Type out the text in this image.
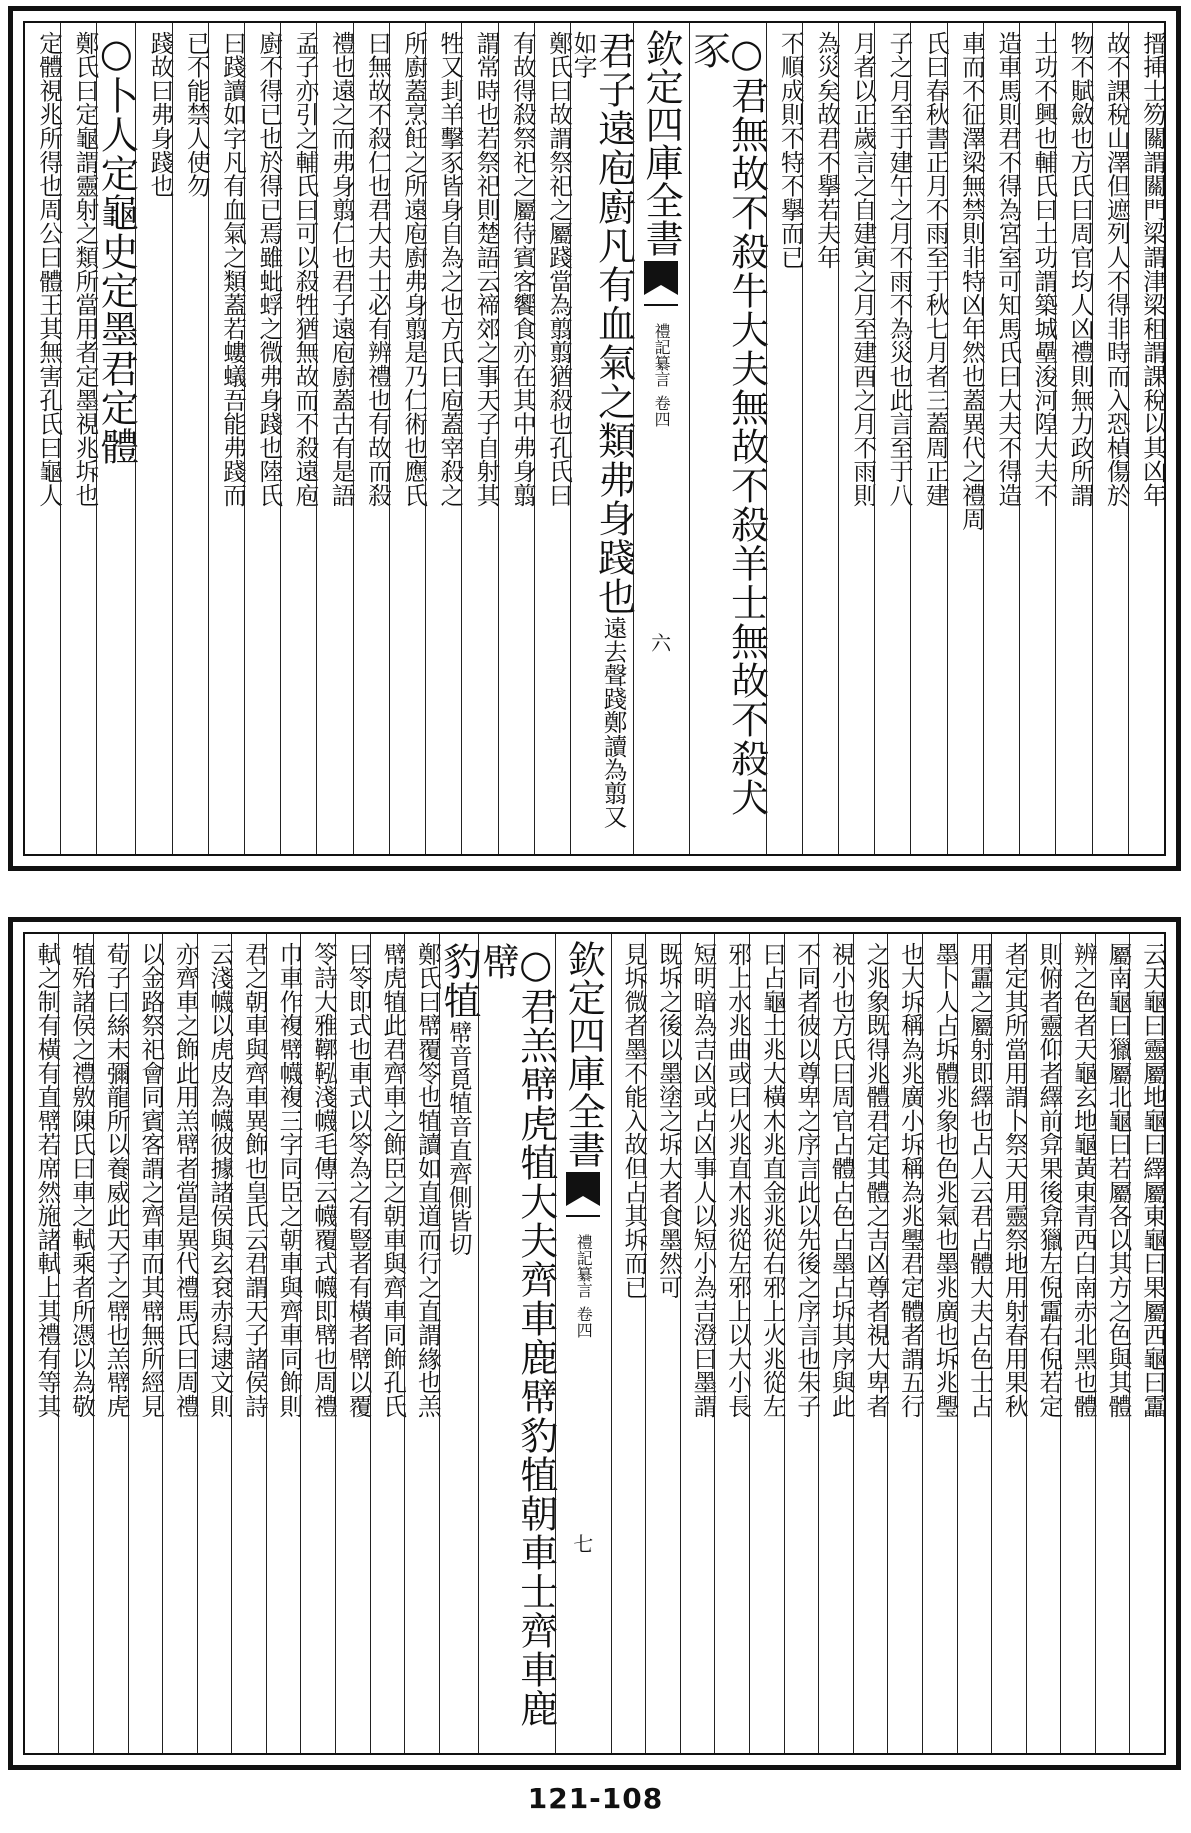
搢挿士笏關謂關門梁謂津梁租謂課稅以其凶年
故不課稅山澤但遮列人不得非時而入恐楨傷於
物不賦斂也方氏曰周官均人凶禮則無力政所謂
土功不興也輔氏曰土功謂築城壘浚河隍大夫不
造車馬則君不得為宮室可知馬氏曰大夫不得造
車而不征澤梁無禁則非特凶年然也蓋異代之禮周
氏曰春秋書正月不雨至于秋七月者三蓋周正建
子之月至于建午之月不雨不為災也此言至于八
月者以正歲言之自建寅之月至建酉之月不雨則
為災矣故君不擧若夫年
不順成則不特不擧而已
○君無故不殺牛大夫無故不殺羊士無故不殺犬豕
欽定四庫全書
禮記纂言
卷四
六
君子遠庖廚凡有血氣之類弗身踐也遠去聲踐鄭讀為翦又如字
鄭氏曰故謂祭祀之屬踐當為翦翦猶殺也孔氏曰
有故得殺祭祀之屬待賓客饗食亦在其中弗身翦
謂常時也若祭祀則楚語云禘郊之事天子自射其
牲又刲羊擊豕皆身自為之也方氏曰庖蓋宰殺之
所廚蓋烹飪之所遠庖廚弗身翦是乃仁術也應氏
曰無故不殺仁也君大夫士必有辨禮也有故而殺
禮也遠之而弗身翦仁也君子遠庖廚蓋古有是語
孟子亦引之輔氏曰可以殺牲猶無故而不殺遠庖
廚不得已也於得已焉雖蚍蜉之微弗身踐也陸氏
曰踐讀如字凡有血氣之類蓋若螻蟻吾能弗踐而
已不能禁人使勿
踐故曰弗身踐也
○卜人定龜史定墨君定體
鄭氏曰定龜謂靈射之類所當用者定墨視兆坼也
定體視兆所得也周公曰體王其無害孔氏曰龜人
云天龜曰靈屬地龜曰繹屬東龜曰果屬西龜曰靁
屬南龜曰獵屬北龜曰若屬各以其方之色與其體
辨之色者天龜玄地龜黃東青西白南赤北黑也體
則俯者靈仰者繹前弇果後弇獵左倪靁右倪若定
者定其所當用謂卜祭天用靈祭地用射春用果秋
用靁之屬射即繹也占人云君占體大夫占色士占
墨卜人占坼體兆象也色兆氣也墨兆廣也坼兆璺
也大坼稱為兆廣小坼稱為兆璺君定體者謂五行
之兆象既得兆體君定其體之吉凶尊者視大卑者
視小也方氏曰周官占體占色占墨占坼其序與此
不同者彼以尊卑之序言此以先後之序言也朱子
曰占龜土兆大橫木兆直金兆從右邪上火兆從左
邪上水兆曲或曰火兆直木兆從左邪上以大小長
短明暗為吉凶或占凶事人以短小為吉澄曰墨謂
既坼之後以墨塗之坼大者食墨然可
見坼微者墨不能入故但占其坼而已
欽定四庫全書
禮記纂言
卷四
七
○君羔幦虎犆大夫齊車鹿幦豹犆朝車士齊車鹿幦
豹犆幦音覓犆音直齊側皆切
鄭氏曰幦覆笭也犆讀如直道而行之直謂緣也羔
幦虎犆此君齊車之飾臣之朝車與齊車同飾孔氏
曰笭即式也車式以笭為之有豎者有橫者幦以覆
笭詩大雅鞹鞃淺幭毛傳云幭覆式幭即幦也周禮
巾車作複幦幭複三字同臣之朝車與齊車同飾則
君之朝車與齊車異飾也皇氏云君謂天子諸侯詩
云淺幭以虎皮為幭彼據諸侯與玄袞赤舄逮文則
亦齊車之飾此用羔幦者當是異代禮馬氏曰周禮
以金路祭祀會同賓客謂之齊車而其幦無所經見
荀子曰絲末彌龍所以養威此天子之幦也羔幦虎
犆殆諸侯之禮敫陳氏曰車之軾乘者所憑以為敬
軾之制有橫有直幦若席然施諸軾上其禮有等其
121-108
